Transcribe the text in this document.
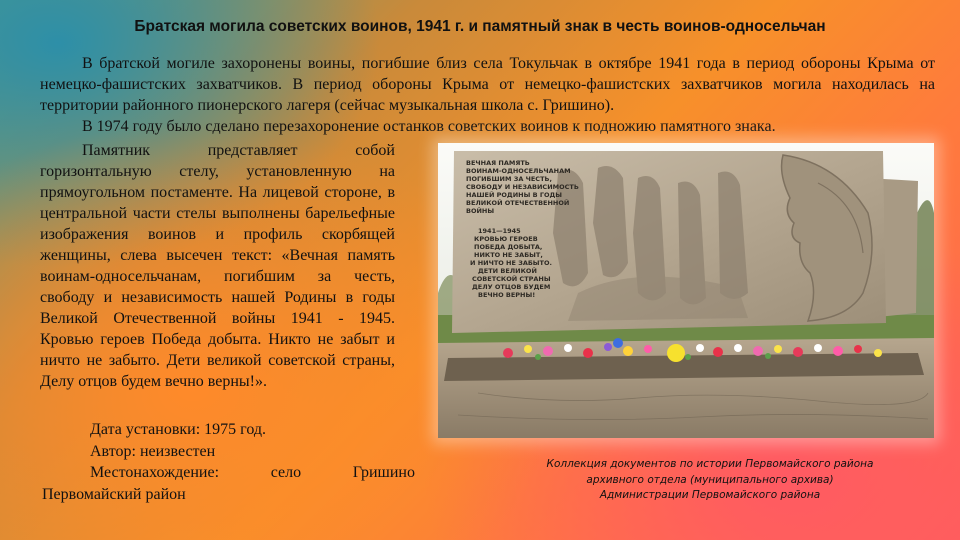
Братская могила советских воинов, 1941 г. и памятный знак в честь воинов-односельчан

В братской могиле захоронены воины, погибшие близ села Токульчак в октябре 1941 года в период обороны Крыма от немецко-фашистских захватчиков. В период обороны Крыма от немецко-фашистских захватчиков могила находилась на территории районного пионерского лагеря (сейчас музыкальная школа с. Гришино).

В 1974 году было сделано перезахоронение останков советских воинов к подножию памятного знака.

Памятник представляет собой горизонтальную стелу, установленную на прямоугольном постаменте. На лицевой стороне, в центральной части стелы выполнены барельефные изображения воинов и профиль скорбящей женщины, слева высечен текст: «Вечная память воинам-односельчанам, погибшим за честь, свободу и независимость нашей Родины в годы Великой Отечественной войны 1941 - 1945. Кровью героев Победа добыта. Никто не забыт и ничто не забыто. Дети великой советской страны, Делу отцов будем вечно верны!».
Дата установки: 1975 год.
Автор: неизвестен
Местонахождение:	село	Гришино
Первомайский район
ВЕЧНАЯ ПАМЯТЬ
ВОИНАМ-ОДНОСЕЛЬЧАНАМ
ПОГИБШИМ ЗА ЧЕСТЬ,
СВОБОДУ И НЕЗАВИСИМОСТЬ
НАШЕЙ РОДИНЫ В ГОДЫ
ВЕЛИКОЙ ОТЕЧЕСТВЕННОЙ
ВОЙНЫ
1941—1945
КРОВЬЮ ГЕРОЕВ
ПОБЕДА ДОБЫТА,
НИКТО НЕ ЗАБЫТ,
И НИЧТО НЕ ЗАБЫТО.
ДЕТИ ВЕЛИКОЙ
СОВЕТСКОЙ СТРАНЫ
ДЕЛУ ОТЦОВ БУДЕМ
ВЕЧНО ВЕРНЫ!
Коллекция документов по истории Первомайского района
архивного отдела (муниципального архива)
Администрации Первомайского района
